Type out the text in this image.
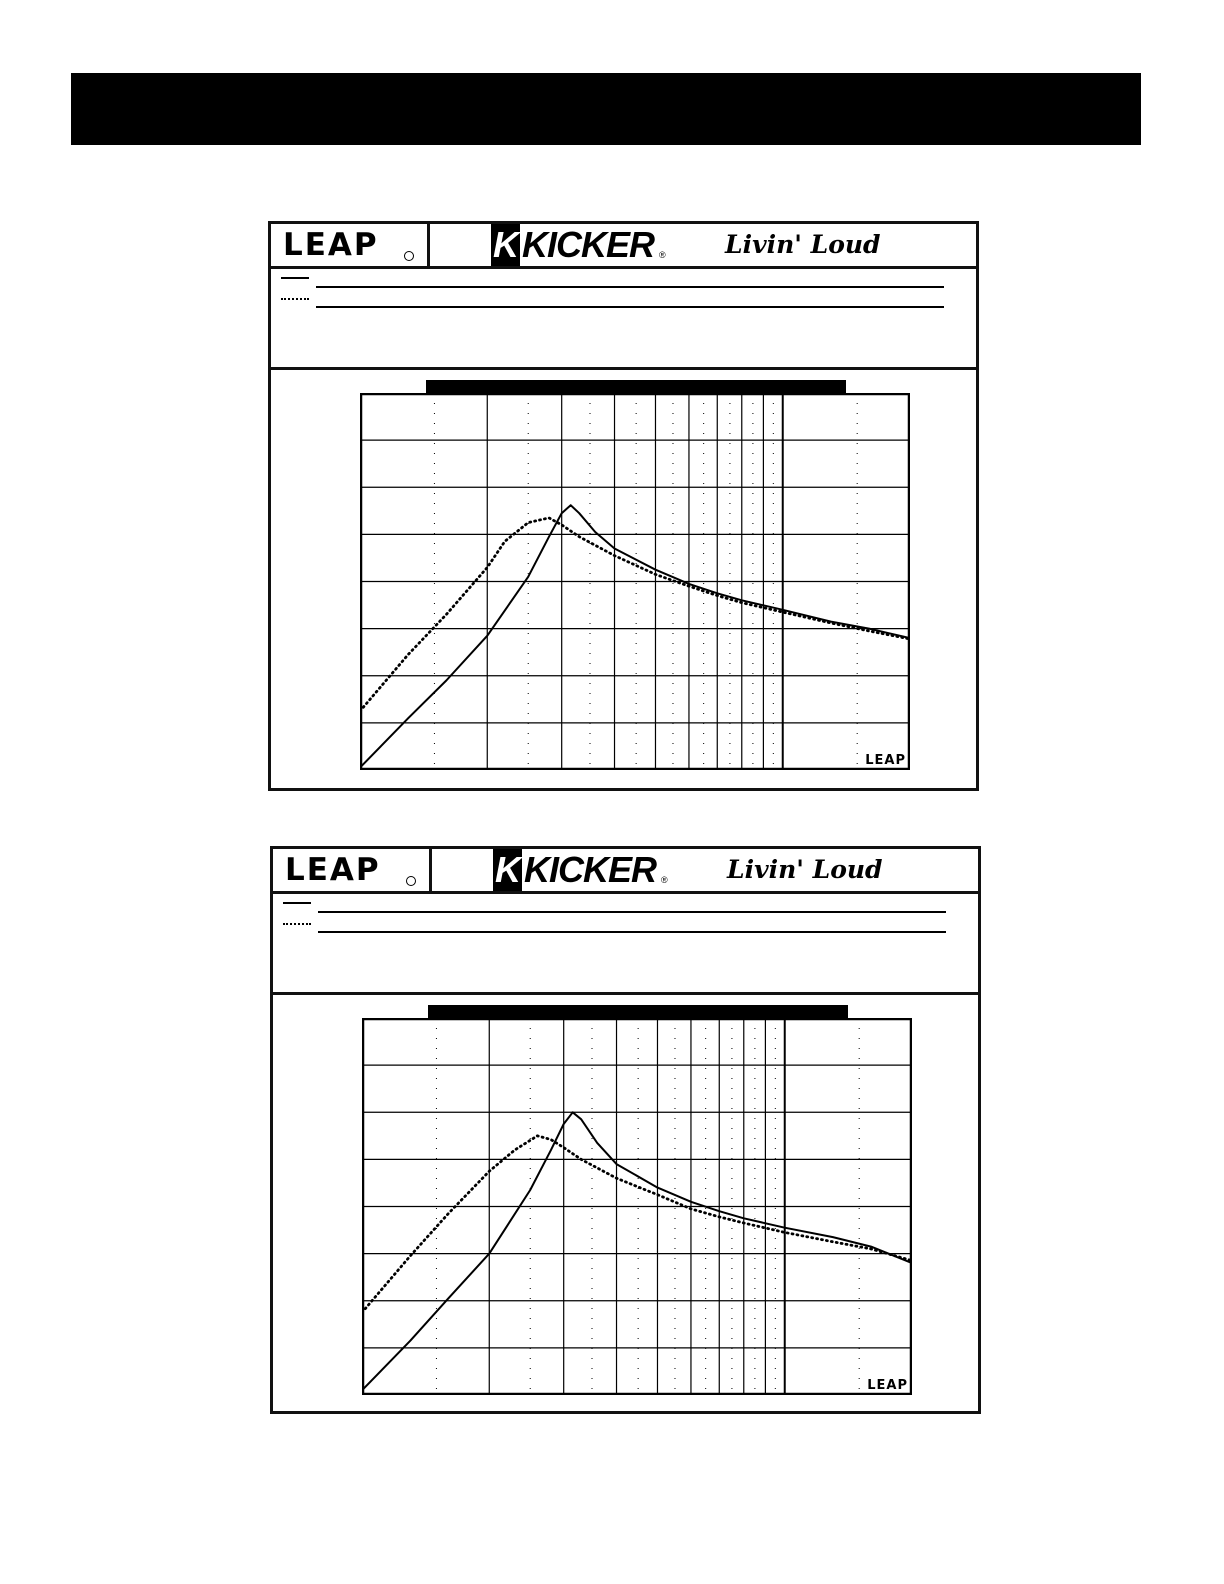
LEAP	K KICKER ® Livin' Loud
LEAP
LEAP	K KICKER ® Livin' Loud
LEAP
